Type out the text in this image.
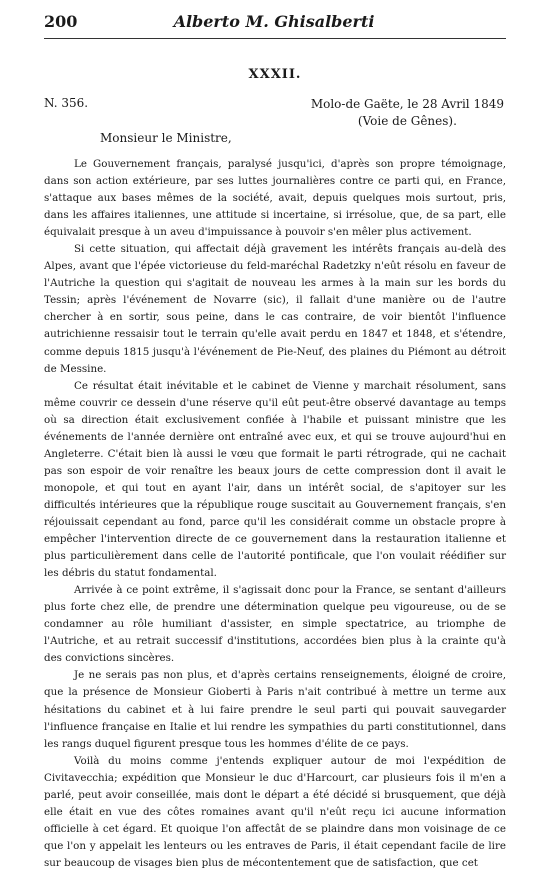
200	Alberto M. Ghisalberti
XXXII.
N. 356.	Molo-de Gaëte, le 28 Avril 1849
(Voie de Gênes).
Monsieur le Ministre,

Le Gouvernement français, paralysé jusqu'ici, d'après son propre témoignage, dans son action extérieure, par ses luttes journalières contre ce parti qui, en France, s'attaque aux bases mêmes de la société, avait, depuis quelques mois surtout, pris, dans les affaires italiennes, une attitude si incertaine, si irrésolue, que, de sa part, elle équivalait presque à un aveu d'impuissance à pouvoir s'en mêler plus activement.

Si cette situation, qui affectait déjà gravement les intérêts français au-delà des Alpes, avant que l'épée victorieuse du feld-maréchal Radetzky n'eût résolu en faveur de l'Autriche la question qui s'agitait de nouveau les armes à la main sur les bords du Tessin; après l'événement de Novarre (sic), il fallait d'une manière ou de l'autre chercher à en sortir, sous peine, dans le cas contraire, de voir bientôt l'influence autrichienne ressaisir tout le terrain qu'elle avait perdu en 1847 et 1848, et s'étendre, comme depuis 1815 jusqu'à l'événement de Pie-Neuf, des plaines du Piémont au détroit de Messine.

Ce résultat était inévitable et le cabinet de Vienne y marchait résolument, sans même couvrir ce dessein d'une réserve qu'il eût peut-être observé davantage au temps où sa direction était exclusivement confiée à l'habile et puissant ministre que les événements de l'année dernière ont entraîné avec eux, et qui se trouve aujourd'hui en Angleterre. C'était bien là aussi le vœu que formait le parti rétrograde, qui ne cachait pas son espoir de voir renaître les beaux jours de cette compression dont il avait le monopole, et qui tout en ayant l'air, dans un intérêt social, de s'apitoyer sur les difficultés intérieures que la république rouge suscitait au Gouvernement français, s'en réjouissait cependant au fond, parce qu'il les considérait comme un obstacle propre à empêcher l'intervention directe de ce gouvernement dans la restauration italienne et plus particulièrement dans celle de l'autorité pontificale, que l'on voulait réédifier sur les débris du statut fondamental.

Arrivée à ce point extrême, il s'agissait donc pour la France, se sentant d'ailleurs plus forte chez elle, de prendre une détermination quelque peu vigoureuse, ou de se condamner au rôle humiliant d'assister, en simple spectatrice, au triomphe de l'Autriche, et au retrait successif d'institutions, accordées bien plus à la crainte qu'à des convictions sincères.

Je ne serais pas non plus, et d'après certains renseignements, éloigné de croire, que la présence de Monsieur Gioberti à Paris n'ait contribué à mettre un terme aux hésitations du cabinet et à lui faire prendre le seul parti qui pouvait sauvegarder l'influence française en Italie et lui rendre les sympathies du parti constitutionnel, dans les rangs duquel figurent presque tous les hommes d'élite de ce pays.

Voilà du moins comme j'entends expliquer autour de moi l'expédition de Civitavecchia; expédition que Monsieur le duc d'Harcourt, car plusieurs fois il m'en a parlé, peut avoir conseillée, mais dont le départ a été décidé si brusquement, que déjà elle était en vue des côtes romaines avant qu'il n'eût reçu ici aucune information officielle à cet égard. Et quoique l'on affectât de se plaindre dans mon voisinage de ce que l'on y appelait les lenteurs ou les entraves de Paris, il était cependant facile de lire sur beaucoup de visages bien plus de mécontentement que de satisfaction, que cet
